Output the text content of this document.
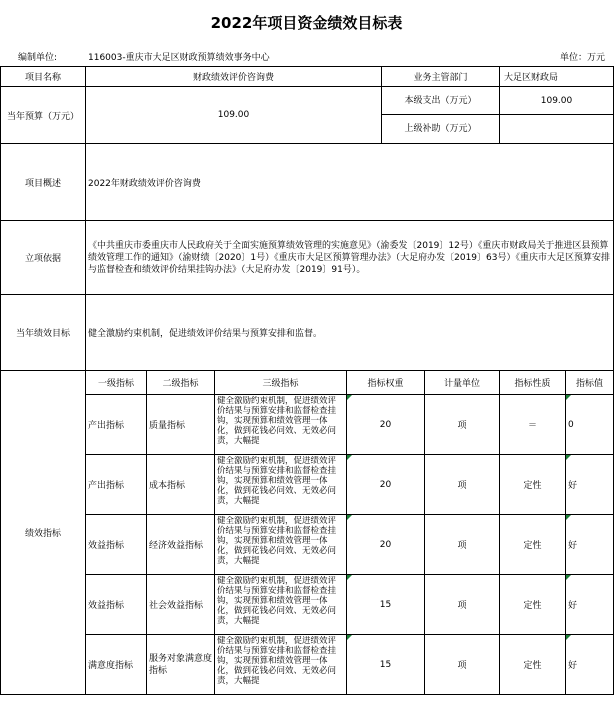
2022年项目资金绩效目标表
编制单位:	116003-重庆市大足区财政预算绩效事务中心	单位：万元
项目名称	财政绩效评价咨询费				业务主管部门		大足区财政局	
当年预算（万元）	109.00				本级支出（万元）		109.00	
					上级补助（万元）			
项目概述	2022年财政绩效评价咨询费							
立项依据	《中共重庆市委重庆市人民政府关于全面实施预算绩效管理的实施意见》（渝委发〔2019〕12号）《重庆市财政局关于推进区县预算绩效管理工作的通知》（渝财绩〔2020〕1号）《重庆市大足区预算管理办法》（大足府办发〔2019〕63号）《重庆市大足区预算安排与监督检查和绩效评价结果挂钩办法》（大足府办发〔2019〕91号）。							
当年绩效目标	健全激励约束机制，促进绩效评价结果与预算安排和监督。							
绩效指标	一级指标	二级指标	三级指标	指标权重		计量单位	指标性质	指标值
	产出指标	质量指标	健全激励约束机制，促进绩效评价结果与预算安排和监督检查挂钩，实现预算和绩效管理一体化，做到花钱必问效、无效必问责，大幅提	20		项	＝	0
	产出指标	成本指标	健全激励约束机制，促进绩效评价结果与预算安排和监督检查挂钩，实现预算和绩效管理一体化，做到花钱必问效、无效必问责，大幅提	20		项	定性	好
	效益指标	经济效益指标	健全激励约束机制，促进绩效评价结果与预算安排和监督检查挂钩，实现预算和绩效管理一体化，做到花钱必问效、无效必问责，大幅提	20		项	定性	好
	效益指标	社会效益指标	健全激励约束机制，促进绩效评价结果与预算安排和监督检查挂钩，实现预算和绩效管理一体化，做到花钱必问效、无效必问责，大幅提	15		项	定性	好
	满意度指标	服务对象满意度指标	健全激励约束机制，促进绩效评价结果与预算安排和监督检查挂钩，实现预算和绩效管理一体化，做到花钱必问效、无效必问责，大幅提	15		项	定性	好
